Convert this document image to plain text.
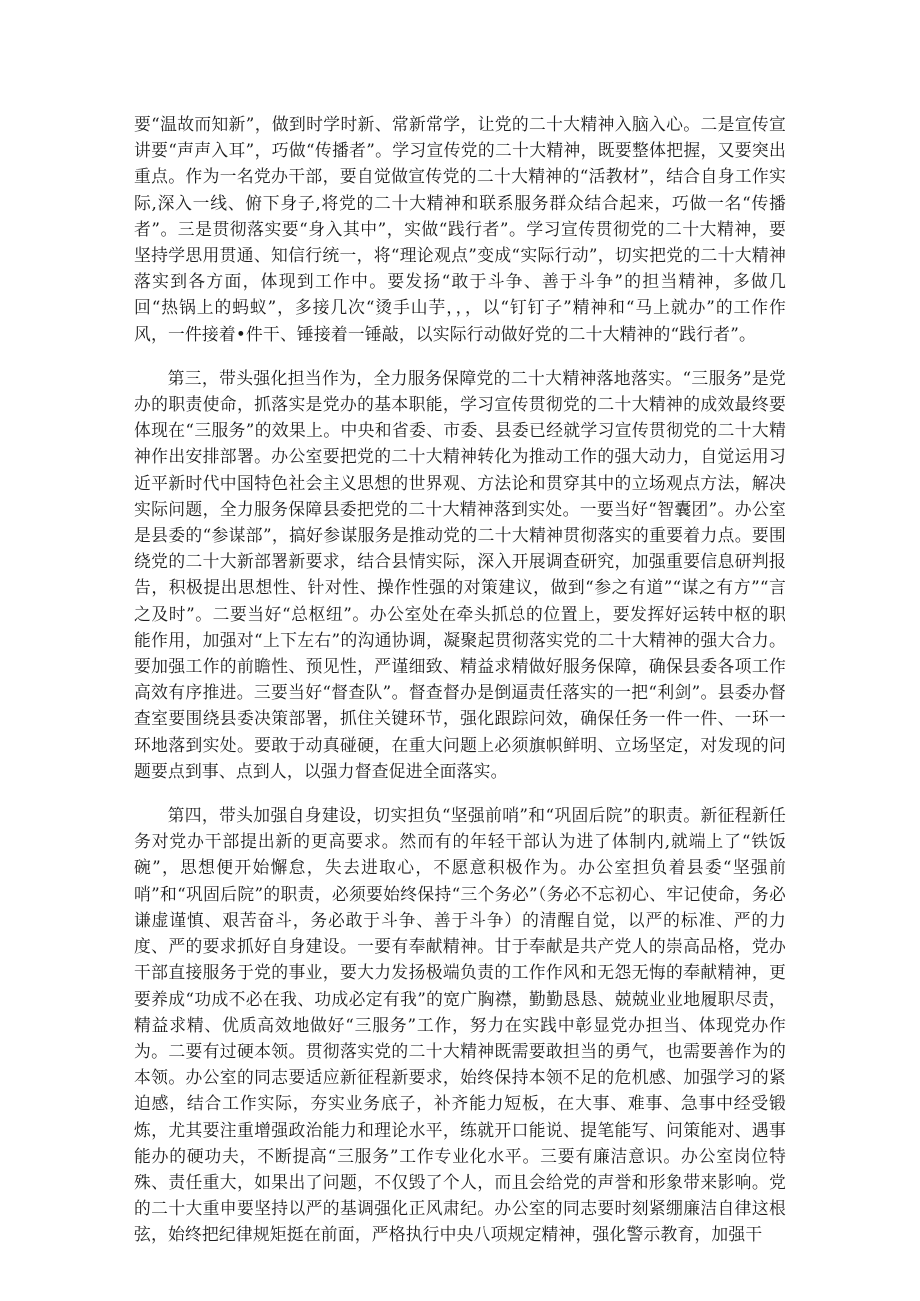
要“温故而知新”，做到时学时新、常新常学，让党的二十大精神入脑入心。二是宣传宣讲要“声声入耳”，巧做“传播者”。学习宣传党的二十大精神，既要整体把握，又要突出重点。作为一名党办干部，要自觉做宣传党的二十大精神的“活教材”，结合自身工作实际,深入一线、俯下身子,将党的二十大精神和联系服务群众结合起来，巧做一名“传播者”。三是贯彻落实要“身入其中”，实做“践行者”。学习宣传贯彻党的二十大精神，要坚持学思用贯通、知信行统一，将“理论观点”变成“实际行动”，切实把党的二十大精神落实到各方面，体现到工作中。要发扬“敢于斗争、善于斗争”的担当精神，多做几回“热锅上的蚂蚁”，多接几次“烫手山芋，，，以“钉钉子”精神和“马上就办”的工作作风，一件接着•件干、锤接着一锤敲，以实际行动做好党的二十大精神的“践行者”。

第三，带头强化担当作为，全力服务保障党的二十大精神落地落实。“三服务”是党办的职责使命，抓落实是党办的基本职能，学习宣传贯彻党的二十大精神的成效最终要体现在“三服务”的效果上。中央和省委、市委、县委已经就学习宣传贯彻党的二十大精神作出安排部署。办公室要把党的二十大精神转化为推动工作的强大动力，自觉运用习近平新时代中国特色社会主义思想的世界观、方法论和贯穿其中的立场观点方法，解决实际问题，全力服务保障县委把党的二十大精神落到实处。一要当好“智囊团”。办公室是县委的“参谋部”，搞好参谋服务是推动党的二十大精神贯彻落实的重要着力点。要围绕党的二十大新部署新要求，结合县情实际，深入开展调查研究，加强重要信息研判报告，积极提出思想性、针对性、操作性强的对策建议，做到“参之有道”“谋之有方”“言之及时”。二要当好“总枢纽”。办公室处在牵头抓总的位置上，要发挥好运转中枢的职能作用，加强对“上下左右”的沟通协调，凝聚起贯彻落实党的二十大精神的强大合力。要加强工作的前瞻性、预见性，严谨细致、精益求精做好服务保障，确保县委各项工作高效有序推进。三要当好“督查队”。督查督办是倒逼责任落实的一把“利剑”。县委办督查室要围绕县委决策部署，抓住关键环节，强化跟踪问效，确保任务一件一件、一环一环地落到实处。要敢于动真碰硬，在重大问题上必须旗帜鲜明、立场坚定，对发现的问题要点到事、点到人，以强力督查促进全面落实。

第四，带头加强自身建设，切实担负“坚强前哨”和“巩固后院”的职责。新征程新任务对党办干部提出新的更高要求。然而有的年轻干部认为进了体制内,就端上了“铁饭碗”，思想便开始懈怠，失去进取心，不愿意积极作为。办公室担负着县委“坚强前哨”和“巩固后院”的职责，必须要始终保持“三个务必”（务必不忘初心、牢记使命，务必谦虚谨慎、艰苦奋斗，务必敢于斗争、善于斗争）的清醒自觉，以严的标准、严的力度、严的要求抓好自身建设。一要有奉献精神。甘于奉献是共产党人的崇高品格，党办干部直接服务于党的事业，要大力发扬极端负责的工作作风和无怨无悔的奉献精神，更要养成“功成不必在我、功成必定有我”的宽广胸襟，勤勤恳恳、兢兢业业地履职尽责，精益求精、优质高效地做好“三服务”工作，努力在实践中彰显党办担当、体现党办作为。二要有过硬本领。贯彻落实党的二十大精神既需要敢担当的勇气，也需要善作为的本领。办公室的同志要适应新征程新要求，始终保持本领不足的危机感、加强学习的紧迫感，结合工作实际，夯实业务底子，补齐能力短板，在大事、难事、急事中经受锻炼，尤其要注重增强政治能力和理论水平，练就开口能说、提笔能写、问策能对、遇事能办的硬功夫，不断提高“三服务”工作专业化水平。三要有廉洁意识。办公室岗位特殊、责任重大，如果出了问题，不仅毁了个人，而且会给党的声誉和形象带来影响。党的二十大重申要坚持以严的基调强化正风肃纪。办公室的同志要时刻紧绷廉洁自律这根弦，始终把纪律规矩挺在前面，严格执行中央八项规定精神，强化警示教育，加强干
